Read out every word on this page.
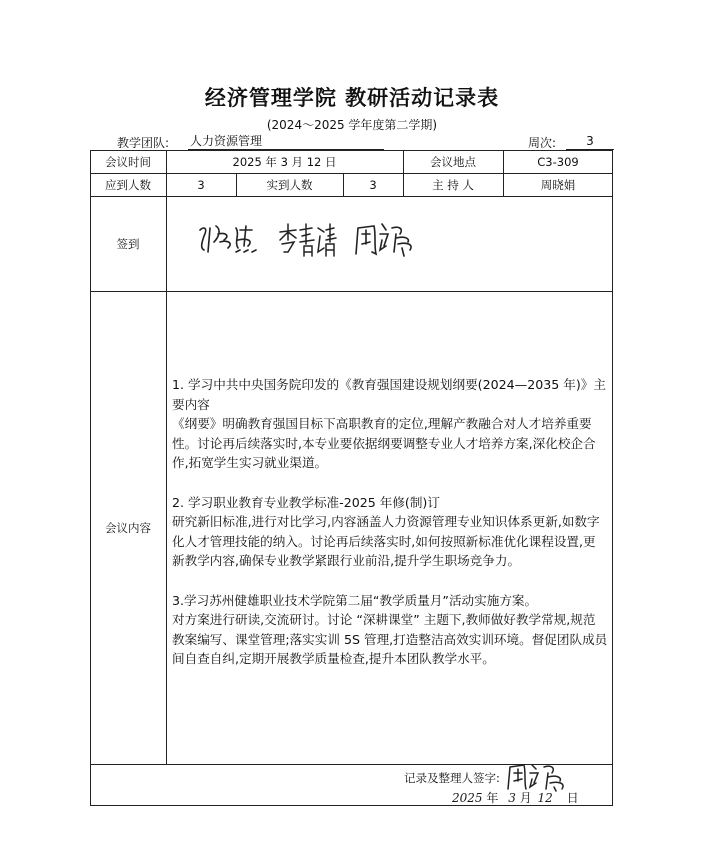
经济管理学院 教研活动记录表
(2024～2025 学年度第二学期)
教学团队: 人力资源管理	周次:	3
会议时间	2025 年 3 月 12 日	会议地点	C3-309
应到人数	3	实到人数	3	主 持 人	周晓娟
签到
会议内容

1. 学习中共中央国务院印发的《教育强国建设规划纲要(2024—2035 年)》主要内容

《纲要》明确教育强国目标下高职教育的定位,理解产教融合对人才培养重要性。讨论再后续落实时,本专业要依据纲要调整专业人才培养方案,深化校企合作,拓宽学生实习就业渠道。

2. 学习职业教育专业教学标准-2025 年修(制)订

研究新旧标准,进行对比学习,内容涵盖人力资源管理专业知识体系更新,如数字化人才管理技能的纳入。讨论再后续落实时,如何按照新标准优化课程设置,更新教学内容,确保专业教学紧跟行业前沿,提升学生职场竞争力。

3.学习苏州健雄职业技术学院第二届“教学质量月”活动实施方案。

对方案进行研读,交流研讨。讨论 “深耕课堂” 主题下,教师做好教学常规,规范教案编写、课堂管理;落实实训 5S 管理,打造整洁高效实训环境。督促团队成员间自查自纠,定期开展教学质量检查,提升本团队教学水平。

记录及整理人签字:
2025 年 3 月 12 日
